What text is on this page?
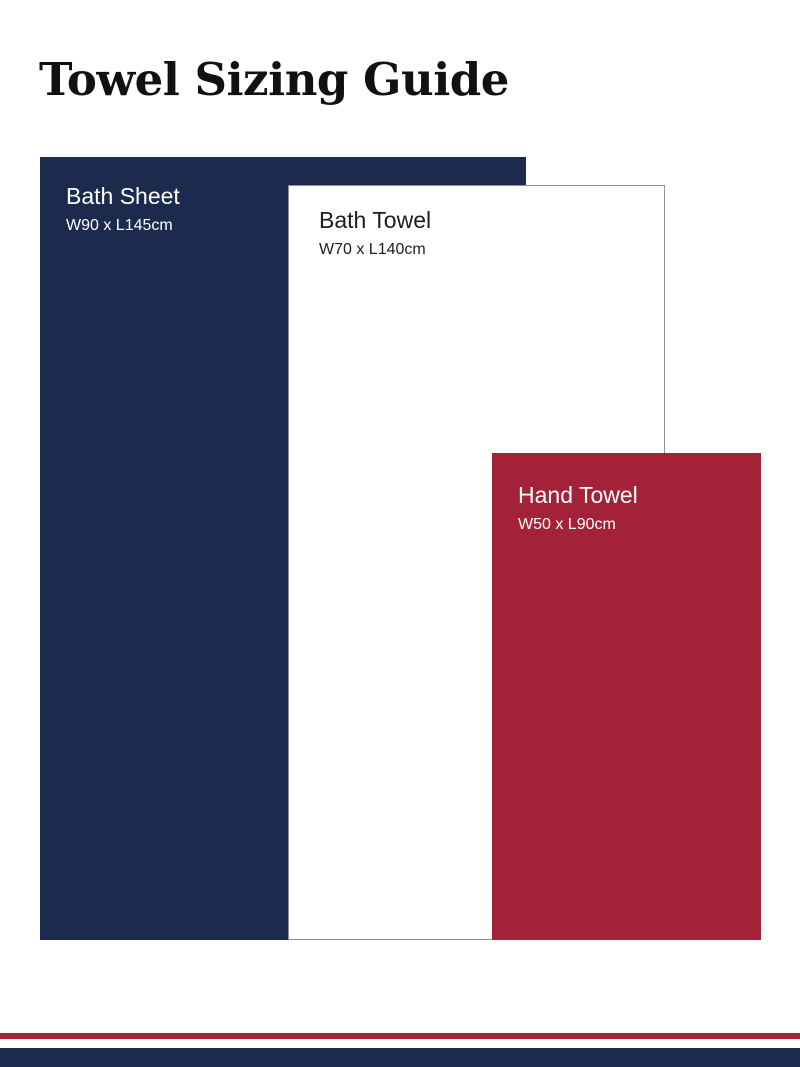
Towel Sizing Guide
Bath Sheet
W90 x L145cm	Bath Towel
W70 x L140cm
Hand Towel
W50 x L90cm
